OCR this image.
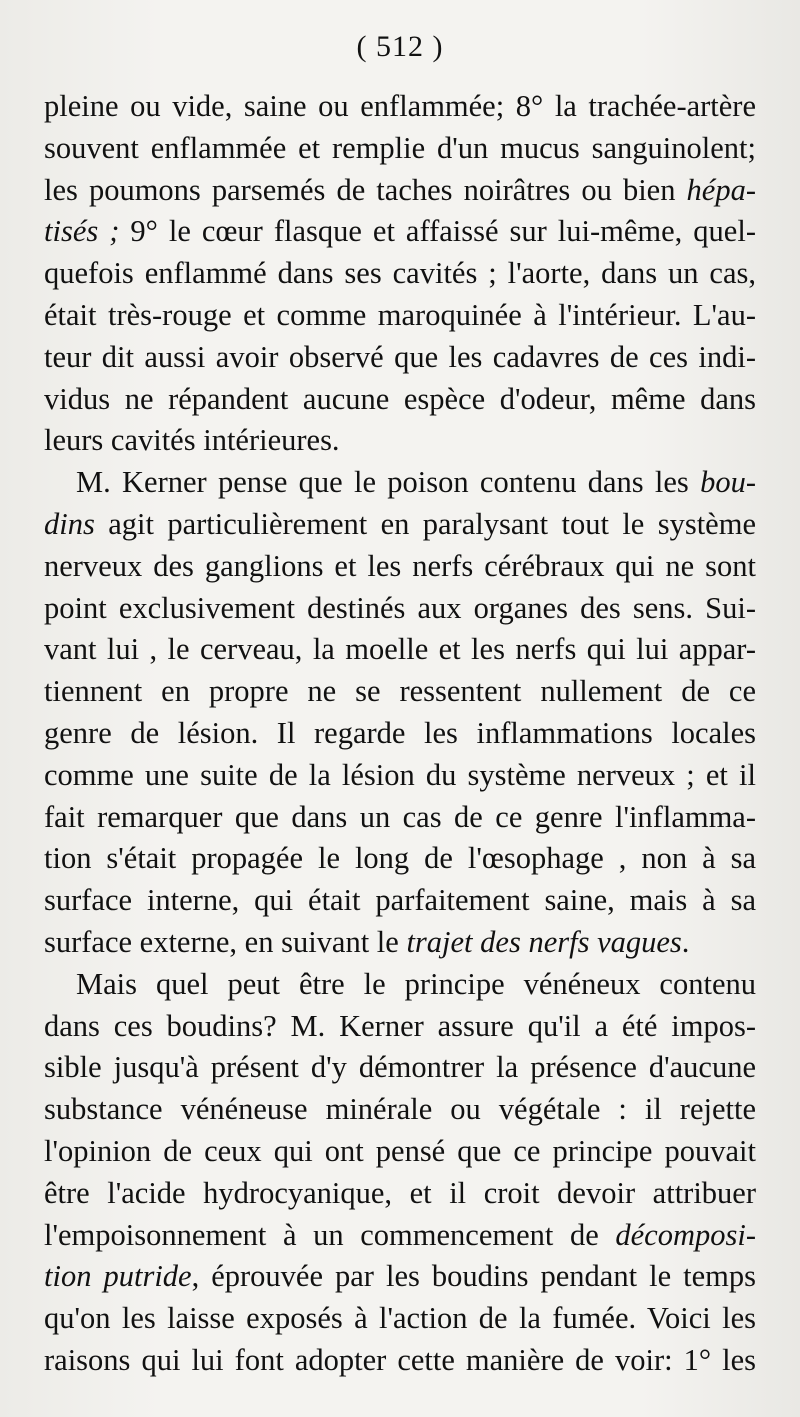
( 512 )
pleine ou vide, saine ou enflammée; 8° la trachée-artère
souvent enflammée et remplie d'un mucus sanguinolent;
les poumons parsemés de taches noirâtres ou bien hépa-
tisés ; 9° le cœur flasque et affaissé sur lui-même, quel-
quefois enflammé dans ses cavités ; l'aorte, dans un cas,
était très-rouge et comme maroquinée à l'intérieur. L'au-
teur dit aussi avoir observé que les cadavres de ces indi-
vidus ne répandent aucune espèce d'odeur, même dans
leurs cavités intérieures.
M. Kerner pense que le poison contenu dans les bou-
dins agit particulièrement en paralysant tout le système
nerveux des ganglions et les nerfs cérébraux qui ne sont
point exclusivement destinés aux organes des sens. Sui-
vant lui , le cerveau, la moelle et les nerfs qui lui appar-
tiennent en propre ne se ressentent nullement de ce
genre de lésion. Il regarde les inflammations locales
comme une suite de la lésion du système nerveux ; et il
fait remarquer que dans un cas de ce genre l'inflamma-
tion s'était propagée le long de l'œsophage , non à sa
surface interne, qui était parfaitement saine, mais à sa
surface externe, en suivant le trajet des nerfs vagues.
Mais quel peut être le principe vénéneux contenu
dans ces boudins? M. Kerner assure qu'il a été impos-
sible jusqu'à présent d'y démontrer la présence d'aucune
substance vénéneuse minérale ou végétale : il rejette
l'opinion de ceux qui ont pensé que ce principe pouvait
être l'acide hydrocyanique, et il croit devoir attribuer
l'empoisonnement à un commencement de décomposi-
tion putride, éprouvée par les boudins pendant le temps
qu'on les laisse exposés à l'action de la fumée. Voici les
raisons qui lui font adopter cette manière de voir: 1° les
